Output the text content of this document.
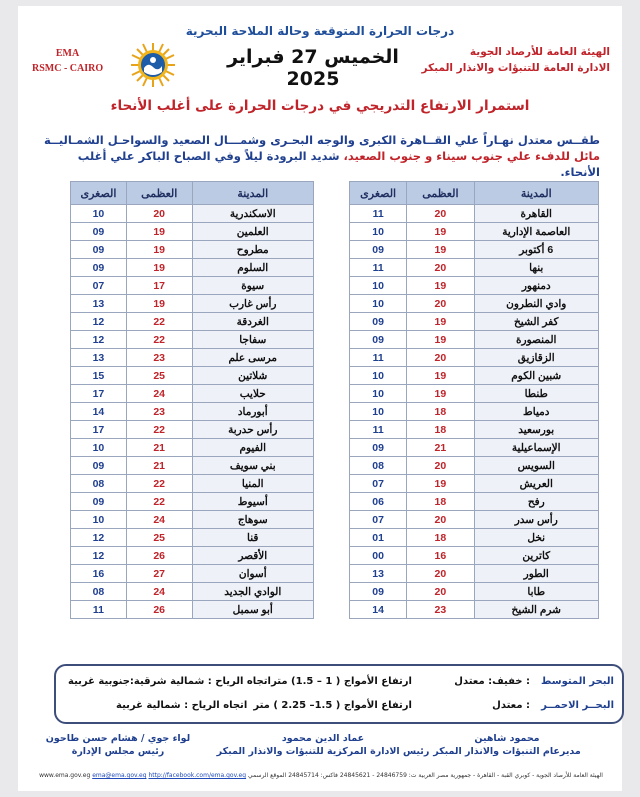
درجات الحرارة المتوقعة وحالة الملاحة البحرية
الهيئة العامة للأرصاد الجوية
الادارة العامة للتنبؤات والانذار المبكر
الخميس 27 فبراير 2025
EMA
RSMC - CAIRO
استمرار الارتفاع التدريجي في درجات الحرارة على أغلب الأنحاء
طقــس معتدل نهـاراً علي القــاهرة الكبرى والوجه البحـرى وشمـــال الصعيد والسواحـل الشمـاليــة مائل للدفء علي جنوب سيناء و جنوب الصعيد، شديد البرودة ليلاً وفي الصباح الباكر علي أغلب الأنحاء.
المدينة	العظمى	الصغرى
القاهرة	20	11
العاصمة الإدارية	19	10
6 أكتوبر	19	09
بنها	20	11
دمنهور	19	10
وادي النطرون	20	10
كفر الشيخ	19	09
المنصورة	19	09
الزقازيق	20	11
شبين الكوم	19	10
طنطا	19	10
دمياط	18	10
بورسعيد	18	11
الإسماعيلية	21	09
السويس	20	08
العريش	19	07
رفح	18	06
رأس سدر	20	07
نخل	18	01
كاترين	16	00
الطور	20	13
طابا	20	09
شرم الشيخ	23	14
المدينة	العظمى	الصغرى
الاسكندرية	20	10
العلمين	19	09
مطروح	19	09
السلوم	19	09
سيوة	17	07
رأس غارب	19	13
الغردقة	22	12
سفاجا	22	12
مرسى علم	23	13
شلاتين	25	15
حلايب	24	17
أبورماد	23	14
رأس حدربة	22	17
الفيوم	21	10
بني سويف	21	09
المنيا	22	08
أسيوط	22	09
سوهاج	24	10
قنا	25	12
الأقصر	26	12
أسوان	27	16
الوادي الجديد	24	08
أبو سمبل	26	11
البحر المتوسط
: خفيف: معتدل
ارتفاع الأمواج ( 1 – 1.5) متر
اتجاه الرياح : شمالية شرقية:جنوبية غربية
البحــر الاحمــر
: معتدل
ارتفاع الأمواج ( 1.5– 2.25 ) متر
اتجاه الرياح : شمالية غربية
محمود شاهين
مديرعام التنبؤات والانذار المبكر
عماد الدين محمود
رئيس الادارة المركزية للتنبؤات والانذار المبكر
لواء جوي / هشام حسن طاحون
رئيس مجلس الإدارة
الهيئة العامة للأرصاد الجوية - كوبري القبة - القاهرة - جمهورية مصر العربية ت: 24846759 - 24845621 فاكس: 24845714 الموقع الرسمي www.ema.gov.eg ema@ema.gov.eg http://facebook.com/ema.gov.eg
